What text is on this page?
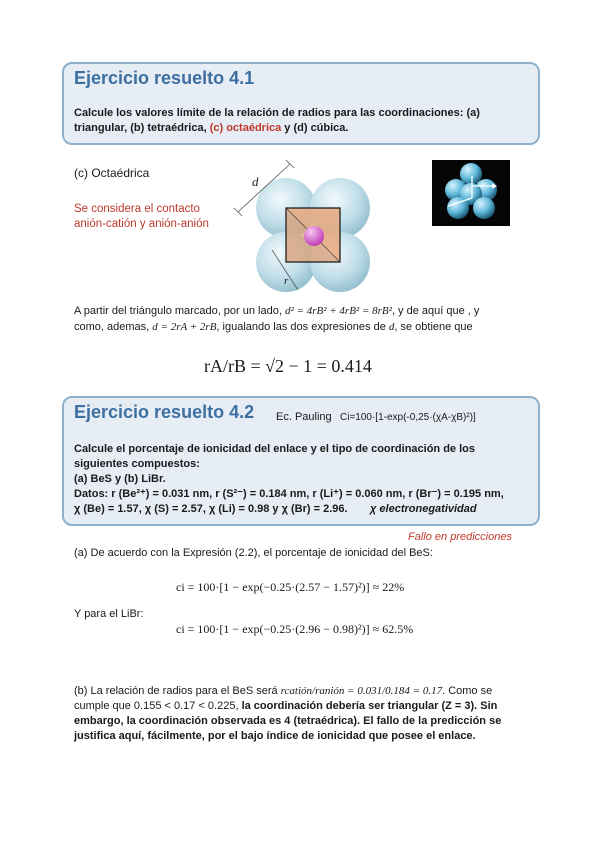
Ejercicio resuelto 4.1
Calcule los valores límite de la relación de radios para las coordinaciones: (a)
triangular, (b) tetraédrica, (c) octaédrica y (d) cúbica.
(c) Octaédrica
Se considera el contacto
anión-catión y anión-anión
d
r
A partir del triángulo marcado, por un lado, d² = 4rB² + 4rB² = 8rB², y de aquí que , y
como, ademas, d = 2rA + 2rB, igualando las dos expresiones de d, se obtiene que
rA/rB = √2 − 1 = 0.414
Ejercicio resuelto 4.2 Ec. Pauling Ci=100·[1-exp(-0,25·(χA-χB)²)]
Calcule el porcentaje de ionicidad del enlace y el tipo de coordinación de los
siguientes compuestos:
(a) BeS y (b) LiBr.
Datos: r (Be²⁺) = 0.031 nm, r (S²⁻) = 0.184 nm, r (Li⁺) = 0.060 nm, r (Br⁻) = 0.195 nm,
χ (Be) = 1.57, χ (S) = 2.57, χ (Li) = 0.98 y χ (Br) = 2.96. χ electronegatividad
Fallo en predicciones
(a) De acuerdo con la Expresión (2.2), el porcentaje de ionicidad del BeS:
ci = 100·[1 − exp(−0.25·(2.57 − 1.57)²)] ≈ 22%
Y para el LiBr:
ci = 100·[1 − exp(−0.25·(2.96 − 0.98)²)] ≈ 62.5%
(b) La relación de radios para el BeS será rcatión/ranión = 0.031/0.184 = 0.17. Como se
cumple que 0.155 < 0.17 < 0.225, la coordinación debería ser triangular (Z = 3). Sin
embargo, la coordinación observada es 4 (tetraédrica). El fallo de la predicción se
justifica aquí, fácilmente, por el bajo índice de ionicidad que posee el enlace.
